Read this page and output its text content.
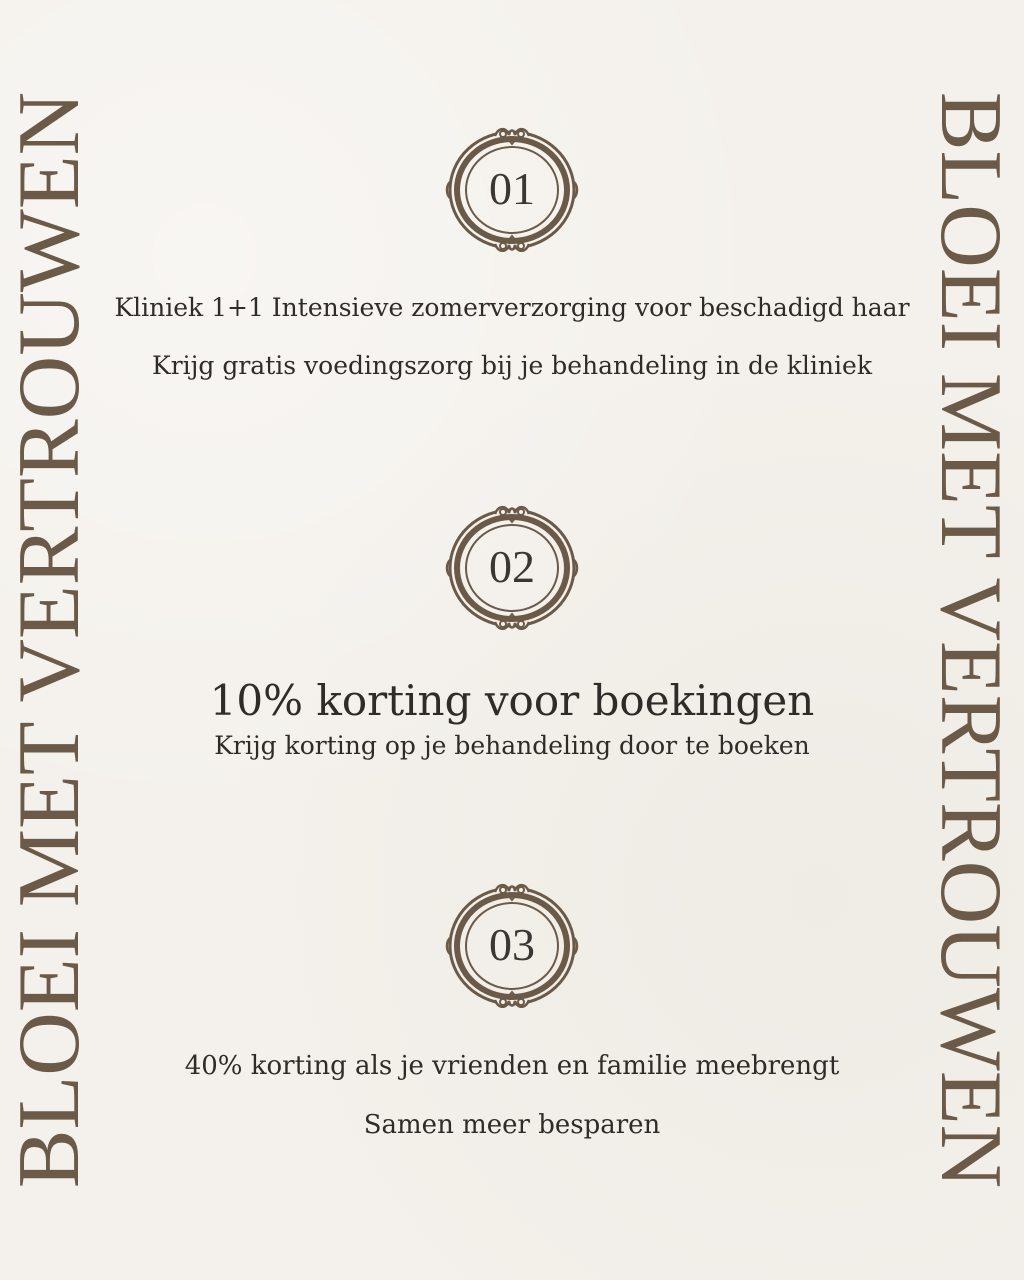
BLOEI MET VERTROUWEN	BLOEI MET VERTROUWEN
01
Kliniek 1+1 Intensieve zomerverzorging voor beschadigd haar
Krijg gratis voedingszorg bij je behandeling in de kliniek
02
10% korting voor boekingen
Krijg korting op je behandeling door te boeken
03
40% korting als je vrienden en familie meebrengt
Samen meer besparen
